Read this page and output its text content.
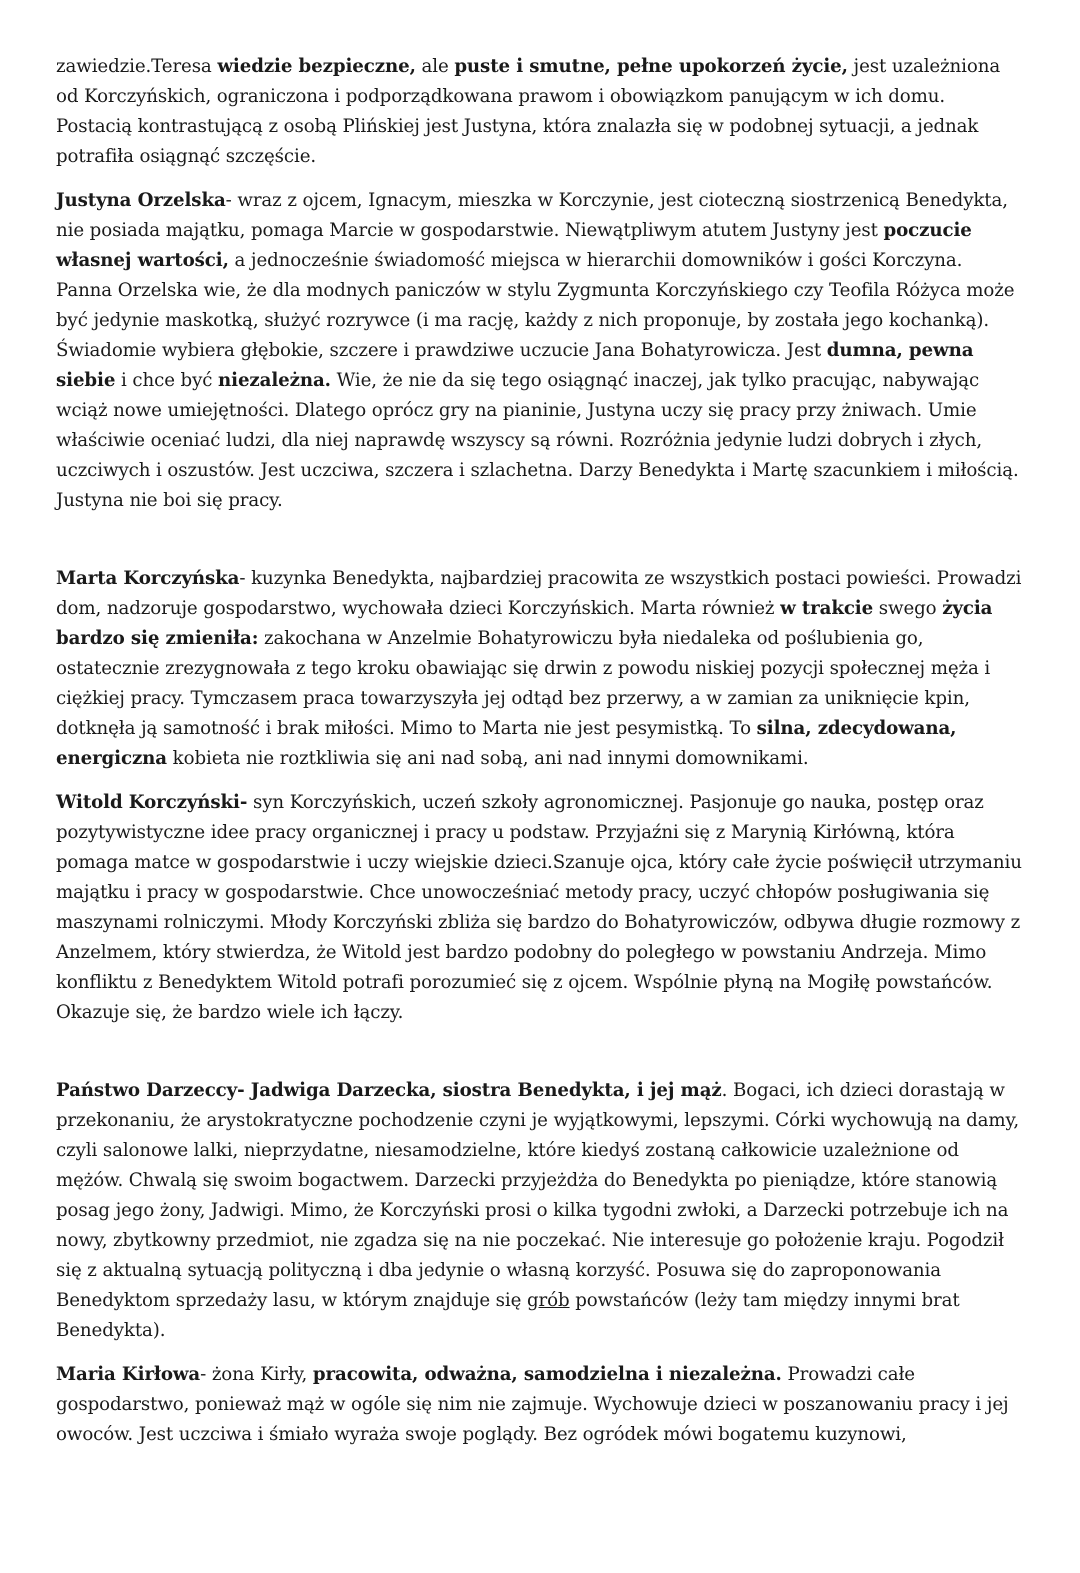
zawiedzie.Teresa wiedzie bezpieczne, ale puste i smutne, pełne upokorzeń życie, jest uzależniona od Korczyńskich, ograniczona i podporządkowana prawom i obowiązkom panującym w ich domu. Postacią kontrastującą z osobą Plińskiej jest Justyna, która znalazła się w podobnej sytuacji, a jednak potrafiła osiągnąć szczęście.

Justyna Orzelska- wraz z ojcem, Ignacym, mieszka w Korczynie, jest cioteczną siostrzenicą Benedykta, nie posiada majątku, pomaga Marcie w gospodarstwie. Niewątpliwym atutem Justyny jest poczucie własnej wartości, a jednocześnie świadomość miejsca w hierarchii domowników i gości Korczyna. Panna Orzelska wie, że dla modnych paniczów w stylu Zygmunta Korczyńskiego czy Teofila Różyca może być jedynie maskotką, służyć rozrywce (i ma rację, każdy z nich proponuje, by została jego kochanką). Świadomie wybiera głębokie, szczere i prawdziwe uczucie Jana Bohatyrowicza. Jest dumna, pewna siebie i chce być niezależna. Wie, że nie da się tego osiągnąć inaczej, jak tylko pracując, nabywając wciąż nowe umiejętności. Dlatego oprócz gry na pianinie, Justyna uczy się pracy przy żniwach. Umie właściwie oceniać ludzi, dla niej naprawdę wszyscy są równi. Rozróżnia jedynie ludzi dobrych i złych, uczciwych i oszustów. Jest uczciwa, szczera i szlachetna. Darzy Benedykta i Martę szacunkiem i miłością. Justyna nie boi się pracy.

Marta Korczyńska- kuzynka Benedykta, najbardziej pracowita ze wszystkich postaci powieści. Prowadzi dom, nadzoruje gospodarstwo, wychowała dzieci Korczyńskich. Marta również w trakcie swego życia bardzo się zmieniła: zakochana w Anzelmie Bohatyrowiczu była niedaleka od poślubienia go, ostatecznie zrezygnowała z tego kroku obawiając się drwin z powodu niskiej pozycji społecznej męża i ciężkiej pracy. Tymczasem praca towarzyszyła jej odtąd bez przerwy, a w zamian za uniknięcie kpin, dotknęła ją samotność i brak miłości. Mimo to Marta nie jest pesymistką. To silna, zdecydowana, energiczna kobieta nie roztkliwia się ani nad sobą, ani nad innymi domownikami.

Witold Korczyński- syn Korczyńskich, uczeń szkoły agronomicznej. Pasjonuje go nauka, postęp oraz pozytywistyczne idee pracy organicznej i pracy u podstaw. Przyjaźni się z Marynią Kirłówną, która pomaga matce w gospodarstwie i uczy wiejskie dzieci.Szanuje ojca, który całe życie poświęcił utrzymaniu majątku i pracy w gospodarstwie. Chce unowocześniać metody pracy, uczyć chłopów posługiwania się maszynami rolniczymi. Młody Korczyński zbliża się bardzo do Bohatyrowiczów, odbywa długie rozmowy z Anzelmem, który stwierdza, że Witold jest bardzo podobny do poległego w powstaniu Andrzeja. Mimo konfliktu z Benedyktem Witold potrafi porozumieć się z ojcem. Wspólnie płyną na Mogiłę powstańców. Okazuje się, że bardzo wiele ich łączy.

Państwo Darzeccy- Jadwiga Darzecka, siostra Benedykta, i jej mąż. Bogaci, ich dzieci dorastają w przekonaniu, że arystokratyczne pochodzenie czyni je wyjątkowymi, lepszymi. Córki wychowują na damy, czyli salonowe lalki, nieprzydatne, niesamodzielne, które kiedyś zostaną całkowicie uzależnione od mężów. Chwalą się swoim bogactwem. Darzecki przyjeżdża do Benedykta po pieniądze, które stanowią posag jego żony, Jadwigi. Mimo, że Korczyński prosi o kilka tygodni zwłoki, a Darzecki potrzebuje ich na nowy, zbytkowny przedmiot, nie zgadza się na nie poczekać. Nie interesuje go położenie kraju. Pogodził się z aktualną sytuacją polityczną i dba jedynie o własną korzyść. Posuwa się do zaproponowania Benedyktom sprzedaży lasu, w którym znajduje się grób powstańców (leży tam między innymi brat Benedykta).

Maria Kirłowa- żona Kirły, pracowita, odważna, samodzielna i niezależna. Prowadzi całe gospodarstwo, ponieważ mąż w ogóle się nim nie zajmuje. Wychowuje dzieci w poszanowaniu pracy i jej owoców. Jest uczciwa i śmiało wyraża swoje poglądy. Bez ogródek mówi bogatemu kuzynowi,
